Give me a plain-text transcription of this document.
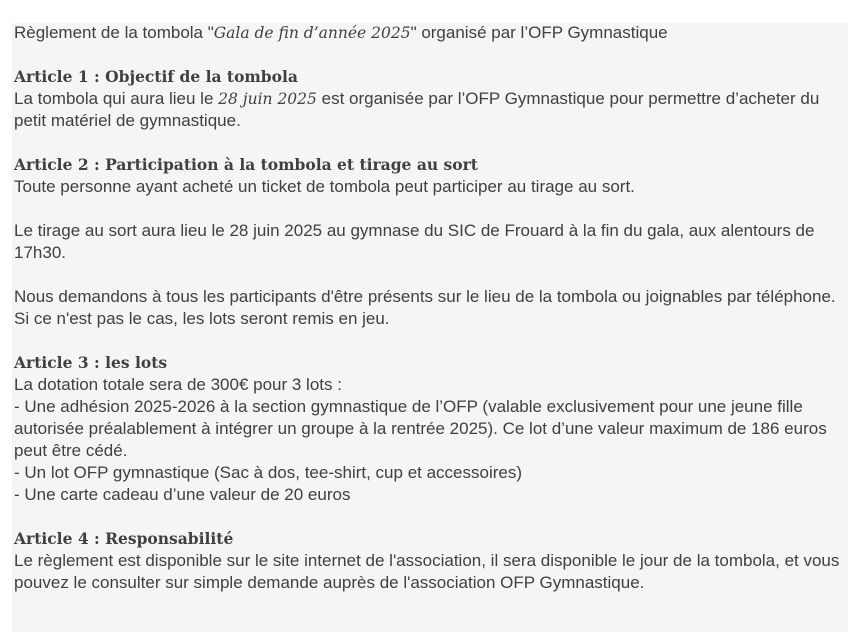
Règlement de la tombola "Gala de fin d’année 2025" organisé par l’OFP Gymnastique

Article 1 : Objectif de la tombola

La tombola qui aura lieu le 28 juin 2025 est organisée par l’OFP Gymnastique pour permettre d’acheter du petit matériel de gymnastique.

Article 2 : Participation à la tombola et tirage au sort

Toute personne ayant acheté un ticket de tombola peut participer au tirage au sort.

Le tirage au sort aura lieu le 28 juin 2025 au gymnase du SIC de Frouard à la fin du gala, aux alentours de 17h30.

Nous demandons à tous les participants d'être présents sur le lieu de la tombola ou joignables par téléphone. Si ce n'est pas le cas, les lots seront remis en jeu.

Article 3 : les lots

La dotation totale sera de 300€ pour 3 lots :

- Une adhésion 2025-2026 à la section gymnastique de l’OFP (valable exclusivement pour une jeune fille autorisée préalablement à intégrer un groupe à la rentrée 2025). Ce lot d’une valeur maximum de 186 euros peut être cédé.

- Un lot OFP gymnastique (Sac à dos, tee-shirt, cup et accessoires)

- Une carte cadeau d’une valeur de 20 euros

Article 4 : Responsabilité

Le règlement est disponible sur le site internet de l'association, il sera disponible le jour de la tombola, et vous pouvez le consulter sur simple demande auprès de l'association OFP Gymnastique.
